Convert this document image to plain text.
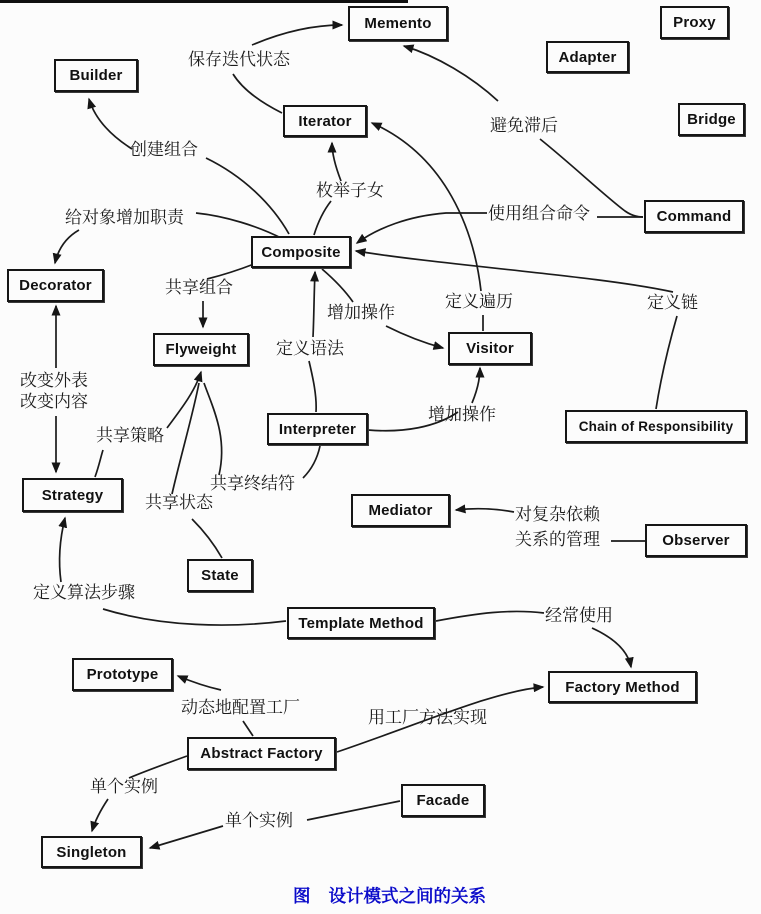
Memento	Proxy
Builder
Adapter
Iterator	Bridge
Command
Composite
Decorator
Flyweight	Visitor
Interpreter	Chain of Responsibility
Strategy
Mediator
Observer
State
Template Method
Prototype
Factory Method
Abstract Factory
Facade
Singleton
保存迭代状态
创建组合
避免滞后
给对象增加职责
枚举子女
使用组合命令
定义链
定义遍历
共享组合
增加操作
定义语法
增加操作
共享策略
共享终结符
共享状态
改变外表
改变内容
对复杂依赖
关系的管理
定义算法步骤
经常使用
用工厂方法实现
动态地配置工厂
单个实例
单个实例
图 设计模式之间的关系
